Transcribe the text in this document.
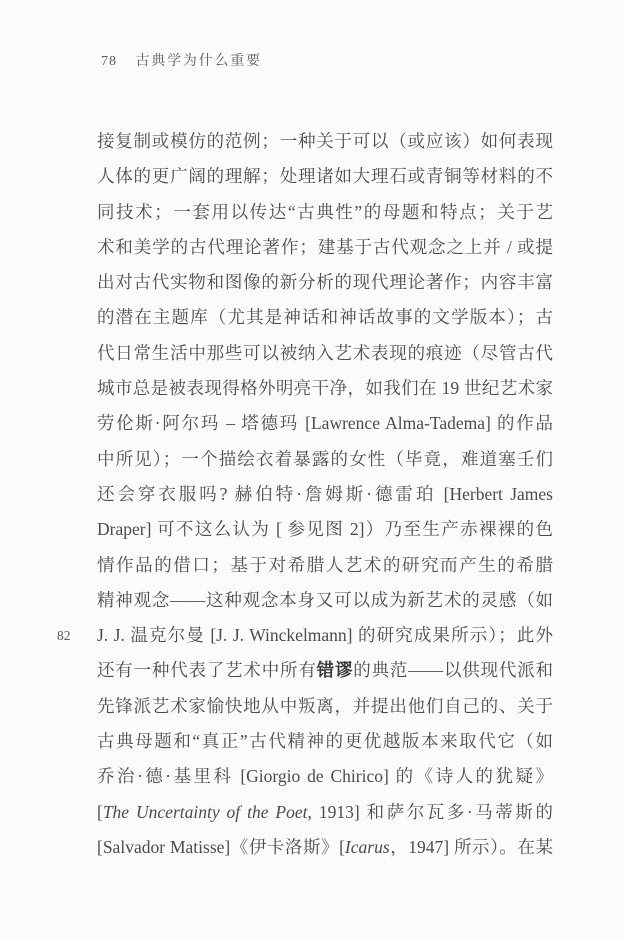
78 古典学为什么重要
82
接复制或模仿的范例；一种关于可以（或应该）如何表现
人体的更广阔的理解；处理诸如大理石或青铜等材料的不
同技术；一套用以传达“古典性”的母题和特点；关于艺
术和美学的古代理论著作；建基于古代观念之上并 / 或提
出对古代实物和图像的新分析的现代理论著作；内容丰富
的潜在主题库（尤其是神话和神话故事的文学版本）；古
代日常生活中那些可以被纳入艺术表现的痕迹（尽管古代
城市总是被表现得格外明亮干净，如我们在 19 世纪艺术家
劳伦斯·阿尔玛 – 塔德玛 [Lawrence Alma-Tadema] 的作品
中所见）；一个描绘衣着暴露的女性（毕竟，难道塞壬们
还会穿衣服吗? 赫伯特·詹姆斯·德雷珀 [Herbert James
Draper] 可不这么认为 [ 参见图 2]）乃至生产赤裸裸的色
情作品的借口；基于对希腊人艺术的研究而产生的希腊
精神观念——这种观念本身又可以成为新艺术的灵感（如
J. J. 温克尔曼 [J. J. Winckelmann] 的研究成果所示）；此外
还有一种代表了艺术中所有错谬的典范——以供现代派和
先锋派艺术家愉快地从中叛离，并提出他们自己的、关于
古典母题和“真正”古代精神的更优越版本来取代它（如
乔治·德·基里科 [Giorgio de Chirico] 的《诗人的犹疑》
[The Uncertainty of the Poet, 1913] 和萨尔瓦多·马蒂斯的
[Salvador Matisse]《伊卡洛斯》[Icarus，1947] 所示）。在某
